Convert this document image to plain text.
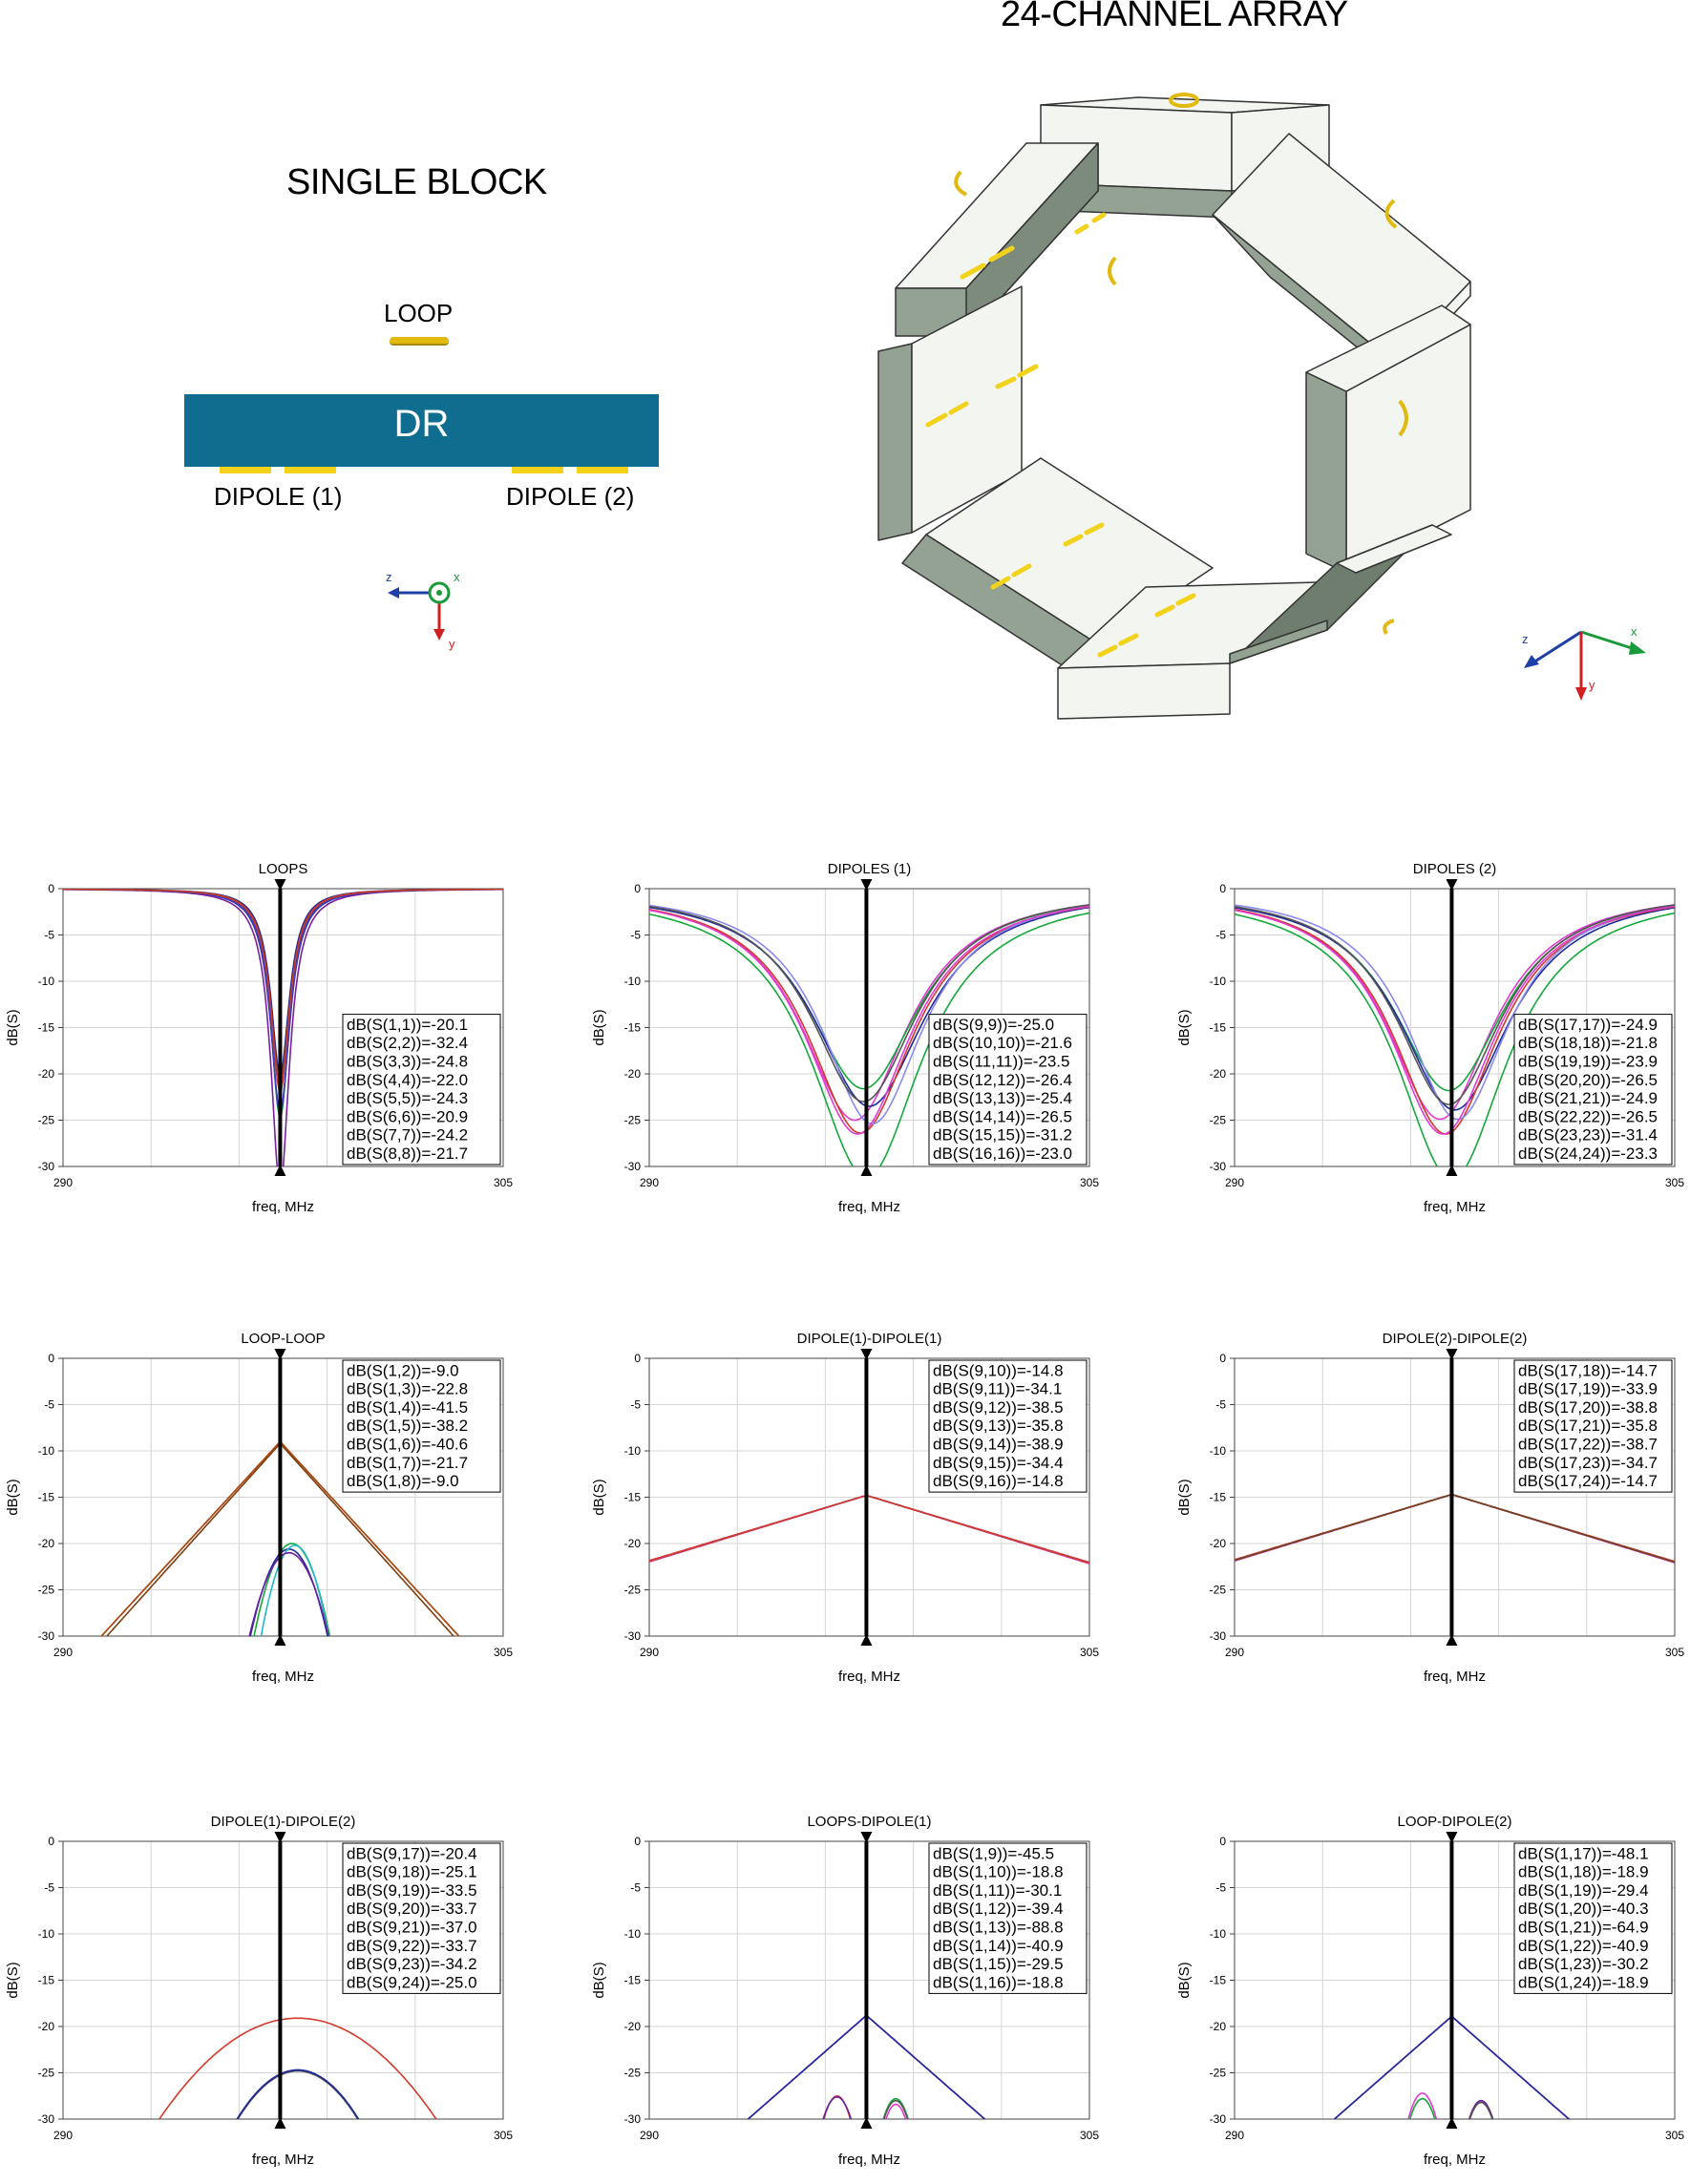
SINGLE BLOCK
24-CHANNEL ARRAY
LOOP
DR
DIPOLE (1)	DIPOLE (2)
z	x
y	z
x
y
LOOPS
0
-5
-10
-15
-20
-25
-30
290	305
freq, MHz
dB(S)	dB(S(1,1))=-20.1
dB(S(2,2))=-32.4
dB(S(3,3))=-24.8
dB(S(4,4))=-22.0
dB(S(5,5))=-24.3
dB(S(6,6))=-20.9
dB(S(7,7))=-24.2
dB(S(8,8))=-21.7
DIPOLES (1)
0
-5
-10
-15
-20
-25
-30
290	305
freq, MHz
dB(S)	dB(S(9,9))=-25.0
dB(S(10,10))=-21.6
dB(S(11,11))=-23.5
dB(S(12,12))=-26.4
dB(S(13,13))=-25.4
dB(S(14,14))=-26.5
dB(S(15,15))=-31.2
dB(S(16,16))=-23.0
DIPOLES (2)
0
-5
-10
-15
-20
-25
-30
290	305
freq, MHz
dB(S)	dB(S(17,17))=-24.9
dB(S(18,18))=-21.8
dB(S(19,19))=-23.9
dB(S(20,20))=-26.5
dB(S(21,21))=-24.9
dB(S(22,22))=-26.5
dB(S(23,23))=-31.4
dB(S(24,24))=-23.3
LOOP-LOOP
0
-5
-10
-15
-20
-25
-30
290	305
freq, MHz
dB(S)
dB(S(1,2))=-9.0
dB(S(1,3))=-22.8
dB(S(1,4))=-41.5
dB(S(1,5))=-38.2
dB(S(1,6))=-40.6
dB(S(1,7))=-21.7
dB(S(1,8))=-9.0
DIPOLE(1)-DIPOLE(1)
0
-5
-10
-15
-20
-25
-30
290	305
freq, MHz
dB(S)
dB(S(9,10))=-14.8
dB(S(9,11))=-34.1
dB(S(9,12))=-38.5
dB(S(9,13))=-35.8
dB(S(9,14))=-38.9
dB(S(9,15))=-34.4
dB(S(9,16))=-14.8
DIPOLE(2)-DIPOLE(2)
0
-5
-10
-15
-20
-25
-30
290	305
freq, MHz
dB(S)
dB(S(17,18))=-14.7
dB(S(17,19))=-33.9
dB(S(17,20))=-38.8
dB(S(17,21))=-35.8
dB(S(17,22))=-38.7
dB(S(17,23))=-34.7
dB(S(17,24))=-14.7
DIPOLE(1)-DIPOLE(2)
0
-5
-10
-15
-20
-25
-30
290	305
freq, MHz
dB(S)
dB(S(9,17))=-20.4
dB(S(9,18))=-25.1
dB(S(9,19))=-33.5
dB(S(9,20))=-33.7
dB(S(9,21))=-37.0
dB(S(9,22))=-33.7
dB(S(9,23))=-34.2
dB(S(9,24))=-25.0
LOOPS-DIPOLE(1)
0
-5
-10
-15
-20
-25
-30
290	305
freq, MHz
dB(S)
dB(S(1,9))=-45.5
dB(S(1,10))=-18.8
dB(S(1,11))=-30.1
dB(S(1,12))=-39.4
dB(S(1,13))=-88.8
dB(S(1,14))=-40.9
dB(S(1,15))=-29.5
dB(S(1,16))=-18.8
LOOP-DIPOLE(2)
0
-5
-10
-15
-20
-25
-30
290	305
freq, MHz
dB(S)
dB(S(1,17))=-48.1
dB(S(1,18))=-18.9
dB(S(1,19))=-29.4
dB(S(1,20))=-40.3
dB(S(1,21))=-64.9
dB(S(1,22))=-40.9
dB(S(1,23))=-30.2
dB(S(1,24))=-18.9
